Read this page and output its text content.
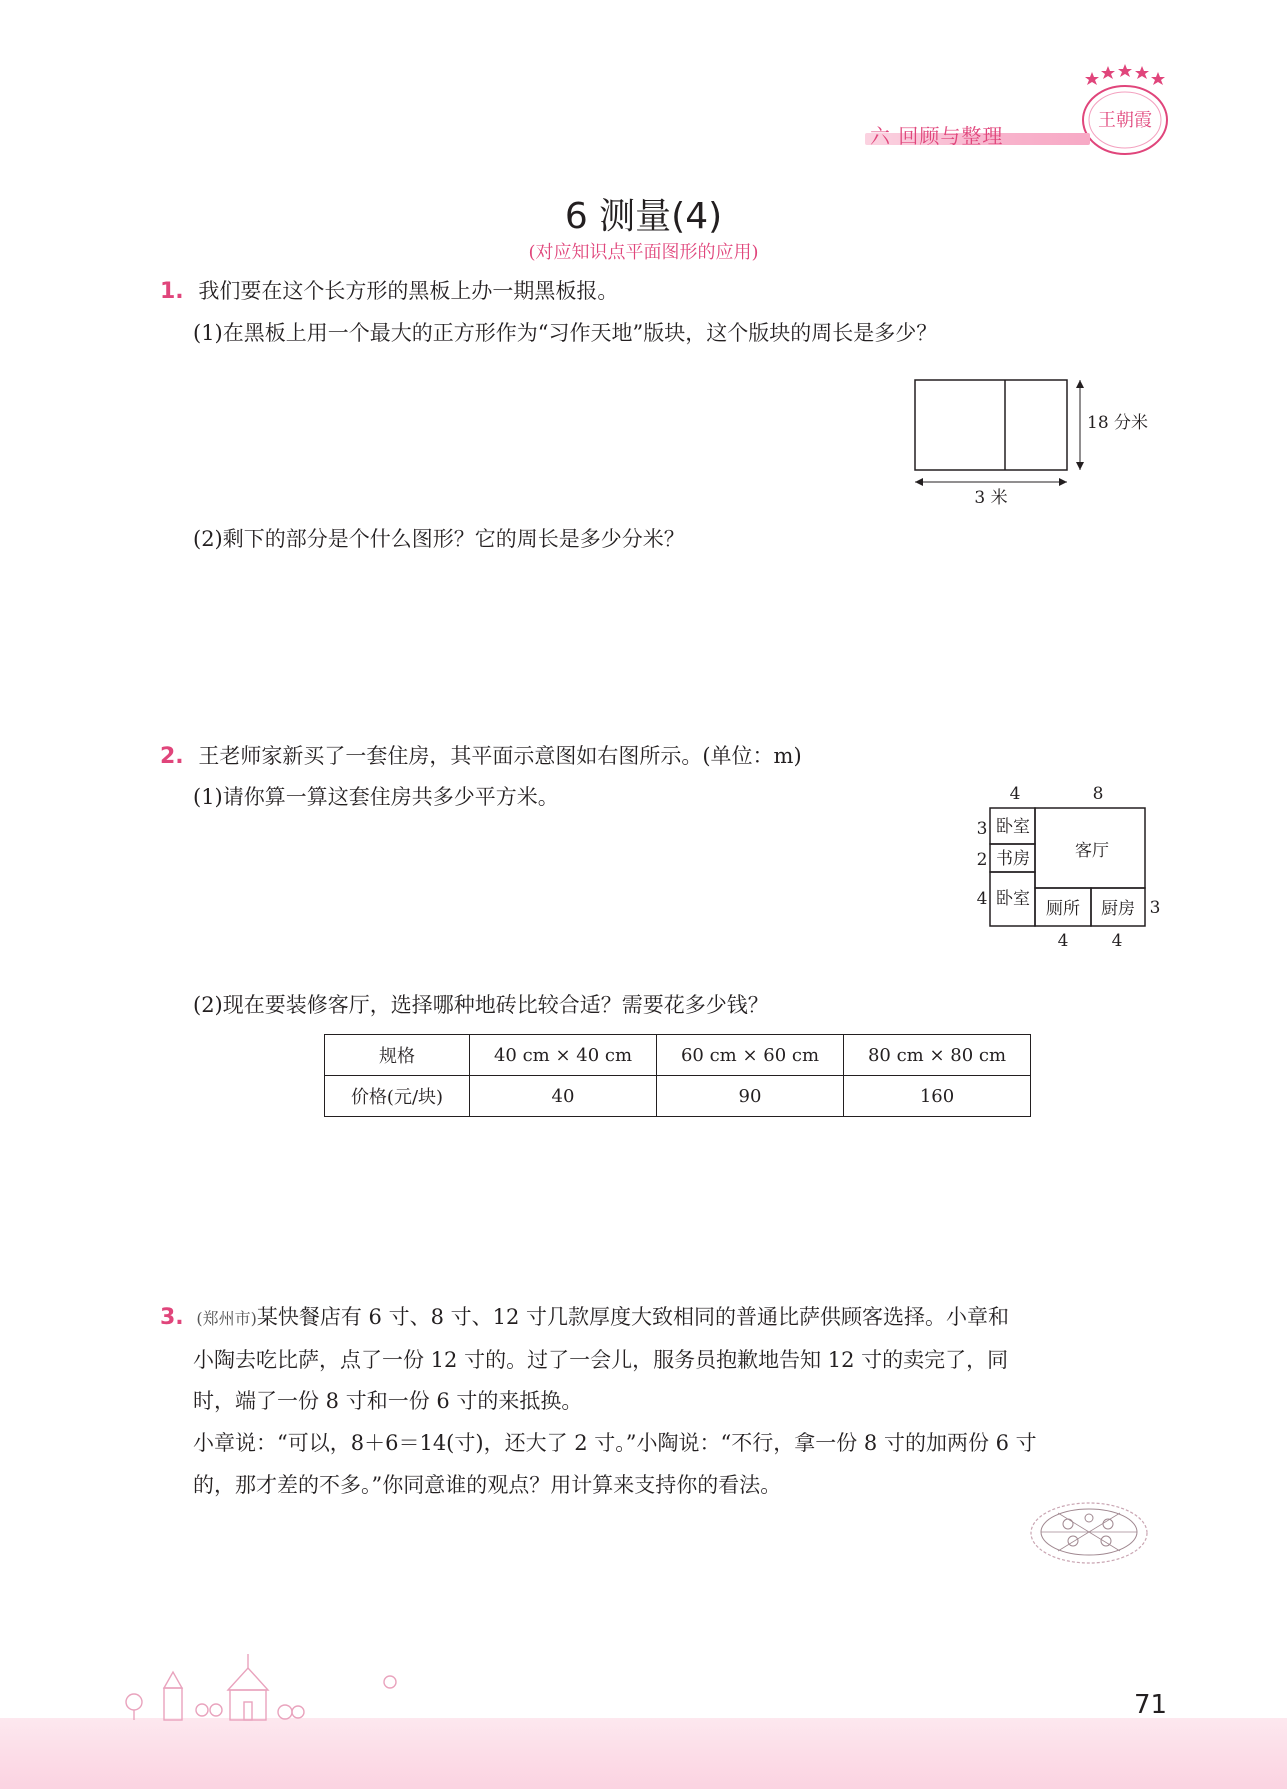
王朝霞
六 回顾与整理
6 测量(4)
(对应知识点平面图形的应用)
1. 我们要在这个长方形的黑板上办一期黑板报。
(1)在黑板上用一个最大的正方形作为“习作天地”版块，这个版块的周长是多少？
18 分米
3 米
(2)剩下的部分是个什么图形？它的周长是多少分米？
2. 王老师家新买了一套住房，其平面示意图如右图所示。(单位：m)
(1)请你算一算这套住房共多少平方米。	4	8
3
2
4	3
4	4
卧室
书房
卧室
客厅
厕所 厨房
(2)现在要装修客厅，选择哪种地砖比较合适？需要花多少钱？
规格	40 cm × 40 cm	60 cm × 60 cm	80 cm × 80 cm
价格(元/块)	40	90	160
3. (郑州市)某快餐店有 6 寸、8 寸、12 寸几款厚度大致相同的普通比萨供顾客选择。小章和
小陶去吃比萨，点了一份 12 寸的。过了一会儿，服务员抱歉地告知 12 寸的卖完了，同
时，端了一份 8 寸和一份 6 寸的来抵换。
小章说：“可以，8＋6＝14(寸)，还大了 2 寸。”小陶说：“不行，拿一份 8 寸的加两份 6 寸
的，那才差的不多。”你同意谁的观点？用计算来支持你的看法。
71
